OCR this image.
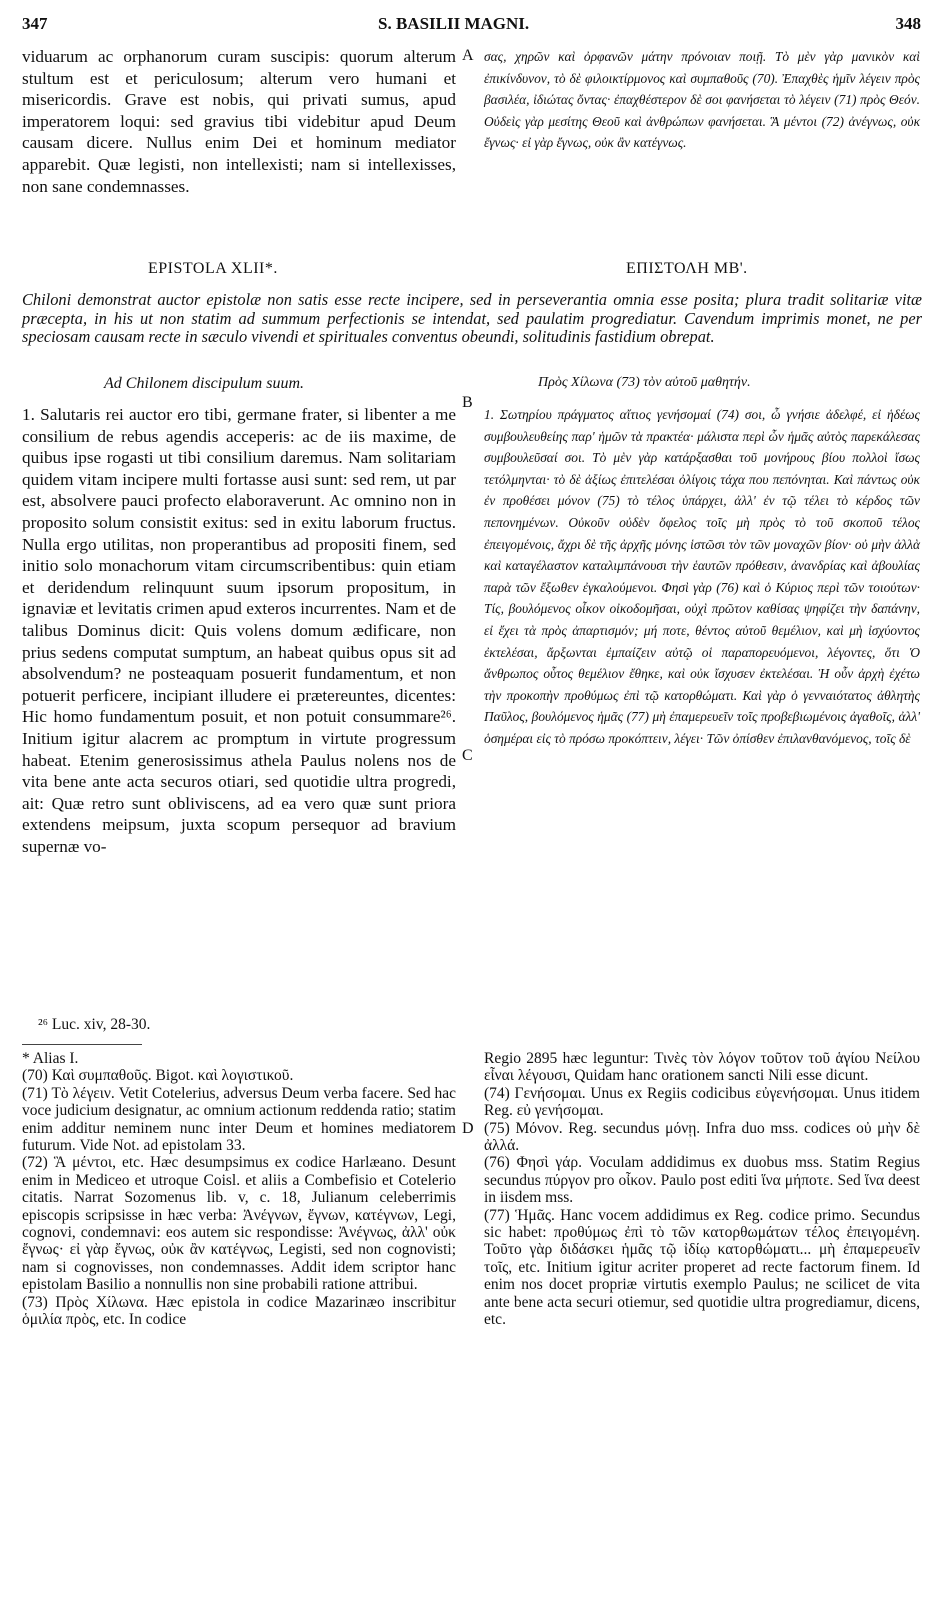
347	S. BASILII MAGNI.	348
A
B
C
D
viduarum ac orphanorum curam suscipis: quorum alterum stultum est et periculosum; alterum vero humani et misericordis. Grave est nobis, qui privati sumus, apud imperatorem loqui: sed gravius tibi videbitur apud Deum causam dicere. Nullus enim Dei et hominum mediator apparebit. Quæ legisti, non intellexisti; nam si intellexisses, non sane condemnasses.
σας, χηρῶν καὶ ὀρφανῶν μάτην πρόνοιαν ποιῇ. Τὸ μὲν γὰρ μανικὸν καὶ ἐπικίνδυνον, τὸ δὲ φιλοικτίρμονος καὶ συμπαθοῦς (70). Ἐπαχθὲς ἡμῖν λέγειν πρὸς βασιλέα, ἰδιώτας ὄντας· ἐπαχθέστερον δὲ σοι φανήσεται τὸ λέγειν (71) πρὸς Θεόν. Οὐδεὶς γὰρ μεσίτης Θεοῦ καὶ ἀνθρώπων φανήσεται. Ἃ μέντοι (72) ἀνέγνως, οὐκ ἔγνως· εἰ γὰρ ἔγνως, οὐκ ἂν κατέγνως.
EPISTOLA XLII*.	ΕΠΙΣΤΟΛΗ ΜΒ'.
Chiloni demonstrat auctor epistolæ non satis esse recte incipere, sed in perseverantia omnia esse posita; plura tradit solitariæ vitæ præcepta, in his ut non statim ad summum perfectionis se intendat, sed paulatim progrediatur. Cavendum imprimis monet, ne per speciosam causam recte in sæculo vivendi et spirituales conventus obeundi, solitudinis fastidium obrepat.
Ad Chilonem discipulum suum.	Πρὸς Χίλωνα (73) τὸν αὐτοῦ μαθητήν.
1. Salutaris rei auctor ero tibi, germane frater, si libenter a me consilium de rebus agendis acceperis: ac de iis maxime, de quibus ipse rogasti ut tibi consilium daremus. Nam solitariam quidem vitam incipere multi fortasse ausi sunt: sed rem, ut par est, absolvere pauci profecto elaboraverunt. Ac omnino non in proposito solum consistit exitus: sed in exitu laborum fructus. Nulla ergo utilitas, non properantibus ad propositi finem, sed initio solo monachorum vitam circumscribentibus: quin etiam et deridendum relinquunt suum ipsorum propositum, in ignaviæ et levitatis crimen apud exteros incurrentes. Nam et de talibus Dominus dicit: Quis volens domum ædificare, non prius sedens computat sumptum, an habeat quibus opus sit ad absolvendum? ne posteaquam posuerit fundamentum, et non potuerit perficere, incipiant illudere ei prætereuntes, dicentes: Hic homo fundamentum posuit, et non potuit consummare²⁶. Initium igitur alacrem ac promptum in virtute progressum habeat. Etenim generosissimus athela Paulus nolens nos de vita bene ante acta securos otiari, sed quotidie ultra progredi, ait: Quæ retro sunt obliviscens, ad ea vero quæ sunt priora extendens meipsum, juxta scopum persequor ad bravium supernæ vo-
1. Σωτηρίου πράγματος αἴτιος γενήσομαί (74) σοι, ὦ γνήσιε ἀδελφέ, εἰ ἡδέως συμβουλευθείης παρ' ἡμῶν τὰ πρακτέα· μάλιστα περὶ ὧν ἡμᾶς αὐτὸς παρεκάλεσας συμβουλεῦσαί σοι. Τὸ μὲν γὰρ κατάρξασθαι τοῦ μονήρους βίου πολλοὶ ἴσως τετόλμηνται· τὸ δὲ ἀξίως ἐπιτελέσαι ὀλίγοις τάχα που πεπόνηται. Καὶ πάντως οὐκ ἐν προθέσει μόνον (75) τὸ τέλος ὑπάρχει, ἀλλ' ἐν τῷ τέλει τὸ κέρδος τῶν πεπονημένων. Οὐκοῦν οὐδὲν ὄφελος τοῖς μὴ πρὸς τὸ τοῦ σκοποῦ τέλος ἐπειγομένοις, ἄχρι δὲ τῆς ἀρχῆς μόνης ἱστῶσι τὸν τῶν μοναχῶν βίον· οὐ μὴν ἀλλὰ καὶ καταγέλαστον καταλιμπάνουσι τὴν ἑαυτῶν πρόθεσιν, ἀνανδρίας καὶ ἀβουλίας παρὰ τῶν ἔξωθεν ἐγκαλούμενοι. Φησὶ γὰρ (76) καὶ ὁ Κύριος περὶ τῶν τοιούτων· Τίς, βουλόμενος οἶκον οἰκοδομῆσαι, οὐχὶ πρῶτον καθίσας ψηφίζει τὴν δαπάνην, εἰ ἔχει τὰ πρὸς ἀπαρτισμόν; μή ποτε, θέντος αὐτοῦ θεμέλιον, καὶ μὴ ἰσχύοντος ἐκτελέσαι, ἄρξωνται ἐμπαίζειν αὐτῷ οἱ παραπορευόμενοι, λέγοντες, ὅτι Ὁ ἄνθρωπος οὗτος θεμέλιον ἔθηκε, καὶ οὐκ ἴσχυσεν ἐκτελέσαι. Ἡ οὖν ἀρχὴ ἐχέτω τὴν προκοπὴν προθύμως ἐπὶ τῷ κατορθώματι. Καὶ γὰρ ὁ γενναιότατος ἀθλητὴς Παῦλος, βουλόμενος ἡμᾶς (77) μὴ ἐπαμερευεῖν τοῖς προβεβιωμένοις ἀγαθοῖς, ἀλλ' ὁσημέραι εἰς τὸ πρόσω προκόπτειν, λέγει· Τῶν ὀπίσθεν ἐπιλανθανόμενος, τοῖς δὲ
²⁶ Luc. xiv, 28-30.

* Alias I.

(70) Καὶ συμπαθοῦς. Bigot. καὶ λογιστικοῦ.

(71) Τὸ λέγειν. Vetit Cotelerius, adversus Deum verba facere. Sed hac voce judicium designatur, ac omnium actionum reddenda ratio; statim enim additur neminem nunc inter Deum et homines mediatorem futurum. Vide Not. ad epistolam 33.

(72) Ἃ μέντοι, etc. Hæc desumpsimus ex codice Harlæano. Desunt enim in Mediceo et utroque Coisl. et aliis a Combefisio et Cotelerio citatis. Narrat Sozomenus lib. v, c. 18, Julianum celeberrimis episcopis scripsisse in hæc verba: Ἀνέγνων, ἔγνων, κατέγνων, Legi, cognovi, condemnavi: eos autem sic respondisse: Ἀνέγνως, ἀλλ' οὐκ ἔγνως· εἰ γὰρ ἔγνως, οὐκ ἂν κατέγνως, Legisti, sed non cognovisti; nam si cognovisses, non condemnasses. Addit idem scriptor hanc epistolam Basilio a nonnullis non sine probabili ratione attribui.

(73) Πρὸς Χίλωνα. Hæc epistola in codice Mazarinæo inscribitur ὁμιλία πρὸς, etc. In codice

Regio 2895 hæc leguntur: Τινὲς τὸν λόγον τοῦτον τοῦ ἁγίου Νείλου εἶναι λέγουσι, Quidam hanc orationem sancti Nili esse dicunt.

(74) Γενήσομαι. Unus ex Regiis codicibus εὐγενήσομαι. Unus itidem Reg. εὐ γενήσομαι.

(75) Μόνον. Reg. secundus μόνῃ. Infra duo mss. codices οὐ μὴν δὲ ἀλλά.

(76) Φησὶ γάρ. Voculam addidimus ex duobus mss. Statim Regius secundus πύργον pro οἶκον. Paulo post editi ἵνα μήποτε. Sed ἵνα deest in iisdem mss.

(77) Ἡμᾶς. Hanc vocem addidimus ex Reg. codice primo. Secundus sic habet: προθύμως ἐπὶ τὸ τῶν κατορθωμάτων τέλος ἐπειγομένη. Τοῦτο γὰρ διδάσκει ἡμᾶς τῷ ἰδίῳ κατορθώματι... μὴ ἐπαμερευεῖν τοῖς, etc. Initium igitur acriter properet ad recte factorum finem. Id enim nos docet propriæ virtutis exemplo Paulus; ne scilicet de vita ante bene acta securi otiemur, sed quotidie ultra progrediamur, dicens, etc.
